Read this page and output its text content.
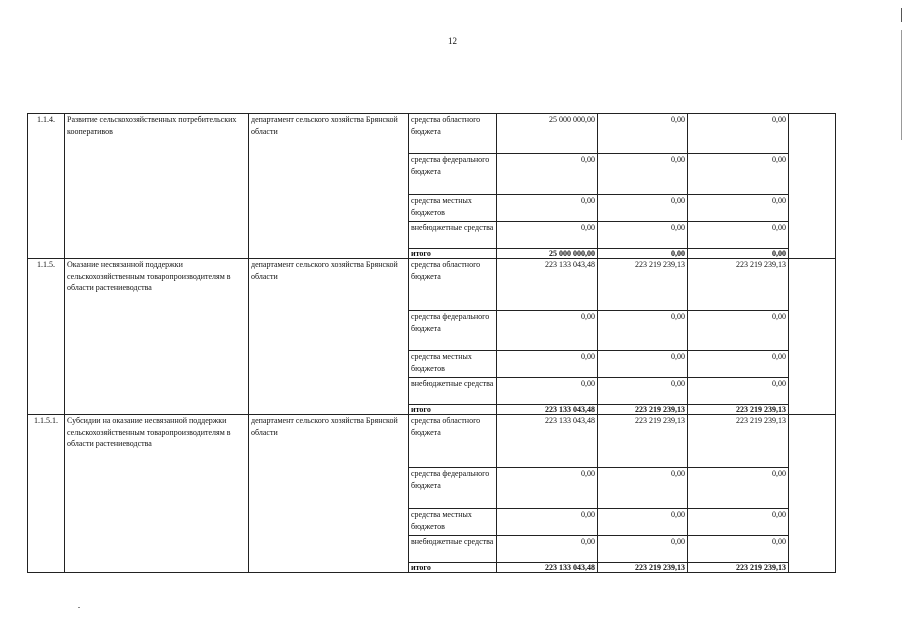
12
1.1.4.	Развитие сельскохозяйственных потребительских кооперативов	департамент сельского хозяйства Брянской области	средства областного бюджета	25 000 000,00	0,00	0,00	
			средства федерального бюджета	0,00	0,00	0,00	
			средства местных бюджетов	0,00	0,00	0,00	
			внебюджетные средства	0,00	0,00	0,00	
			итого	25 000 000,00	0,00	0,00	
1.1.5.	Оказание несвязанной поддержки сельскохозяйственным товаропроизводителям в области растениеводства	департамент сельского хозяйства Брянской области	средства областного бюджета	223 133 043,48	223 219 239,13	223 219 239,13	
			средства федерального бюджета	0,00	0,00	0,00	
			средства местных бюджетов	0,00	0,00	0,00	
			внебюджетные средства	0,00	0,00	0,00	
			итого	223 133 043,48	223 219 239,13	223 219 239,13	
1.1.5.1.	Субсидии на оказание несвязанной поддержки сельскохозяйственным товаропроизводителям в области растениеводства	департамент сельского хозяйства Брянской области	средства областного бюджета	223 133 043,48	223 219 239,13	223 219 239,13	
			средства федерального бюджета	0,00	0,00	0,00	
			средства местных бюджетов	0,00	0,00	0,00	
			внебюджетные средства	0,00	0,00	0,00	
			итого	223 133 043,48	223 219 239,13	223 219 239,13	
